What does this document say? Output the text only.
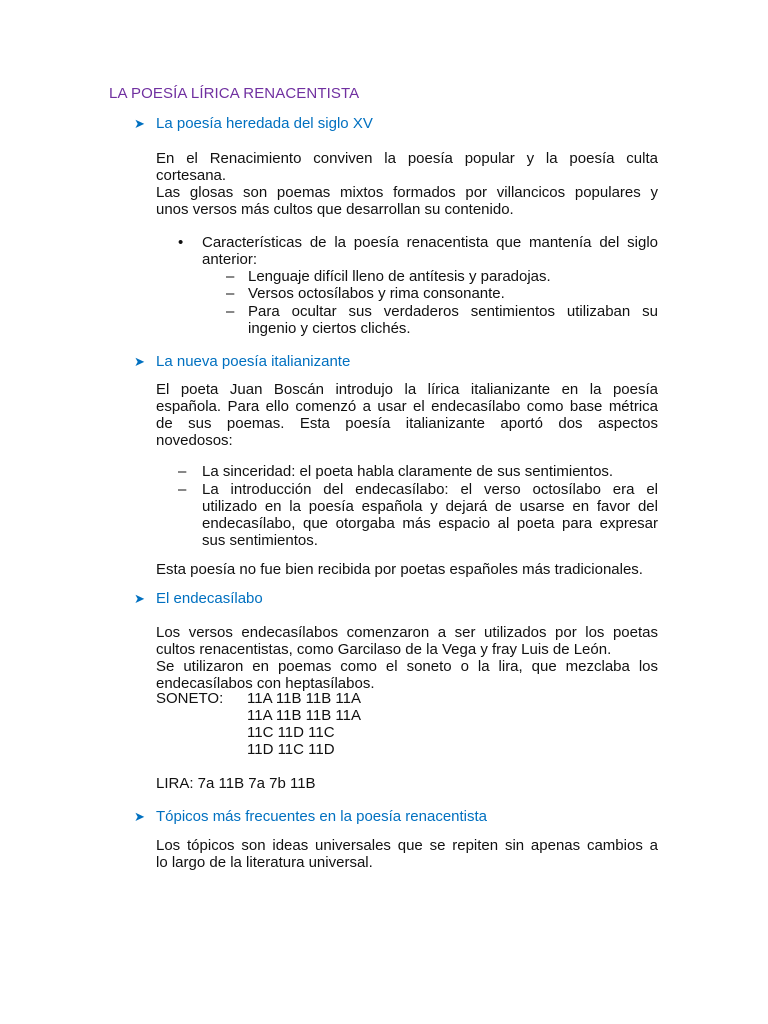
LA POESÍA LÍRICA RENACENTISTA
➤ La poesía heredada del siglo XV
En el Renacimiento conviven la poesía popular y la poesía culta
cortesana.
Las glosas son poemas mixtos formados por villancicos populares y
unos versos más cultos que desarrollan su contenido.
•	Características de la poesía renacentista que mantenía del siglo
anterior:
– Lenguaje difícil lleno de antítesis y paradojas.
– Versos octosílabos y rima consonante.
– Para ocultar sus verdaderos sentimientos utilizaban su
ingenio y ciertos clichés.
➤ La nueva poesía italianizante
El poeta Juan Boscán introdujo la lírica italianizante en la poesía
española. Para ello comenzó a usar el endecasílabo como base métrica
de sus poemas. Esta poesía italianizante aportó dos aspectos
novedosos:
– La sinceridad: el poeta habla claramente de sus sentimientos.
– La introducción del endecasílabo: el verso octosílabo era el
utilizado en la poesía española y dejará de usarse en favor del
endecasílabo, que otorgaba más espacio al poeta para expresar
sus sentimientos.
Esta poesía no fue bien recibida por poetas españoles más tradicionales.
➤ El endecasílabo
Los versos endecasílabos comenzaron a ser utilizados por los poetas
cultos renacentistas, como Garcilaso de la Vega y fray Luis de León.
Se utilizaron en poemas como el soneto o la lira, que mezclaba los
endecasílabos con heptasílabos.
SONETO: 11A 11B 11B 11A
11A 11B 11B 11A
11C 11D 11C
11D 11C 11D
LIRA: 7a 11B 7a 7b 11B
➤ Tópicos más frecuentes en la poesía renacentista
Los tópicos son ideas universales que se repiten sin apenas cambios a
lo largo de la literatura universal.
